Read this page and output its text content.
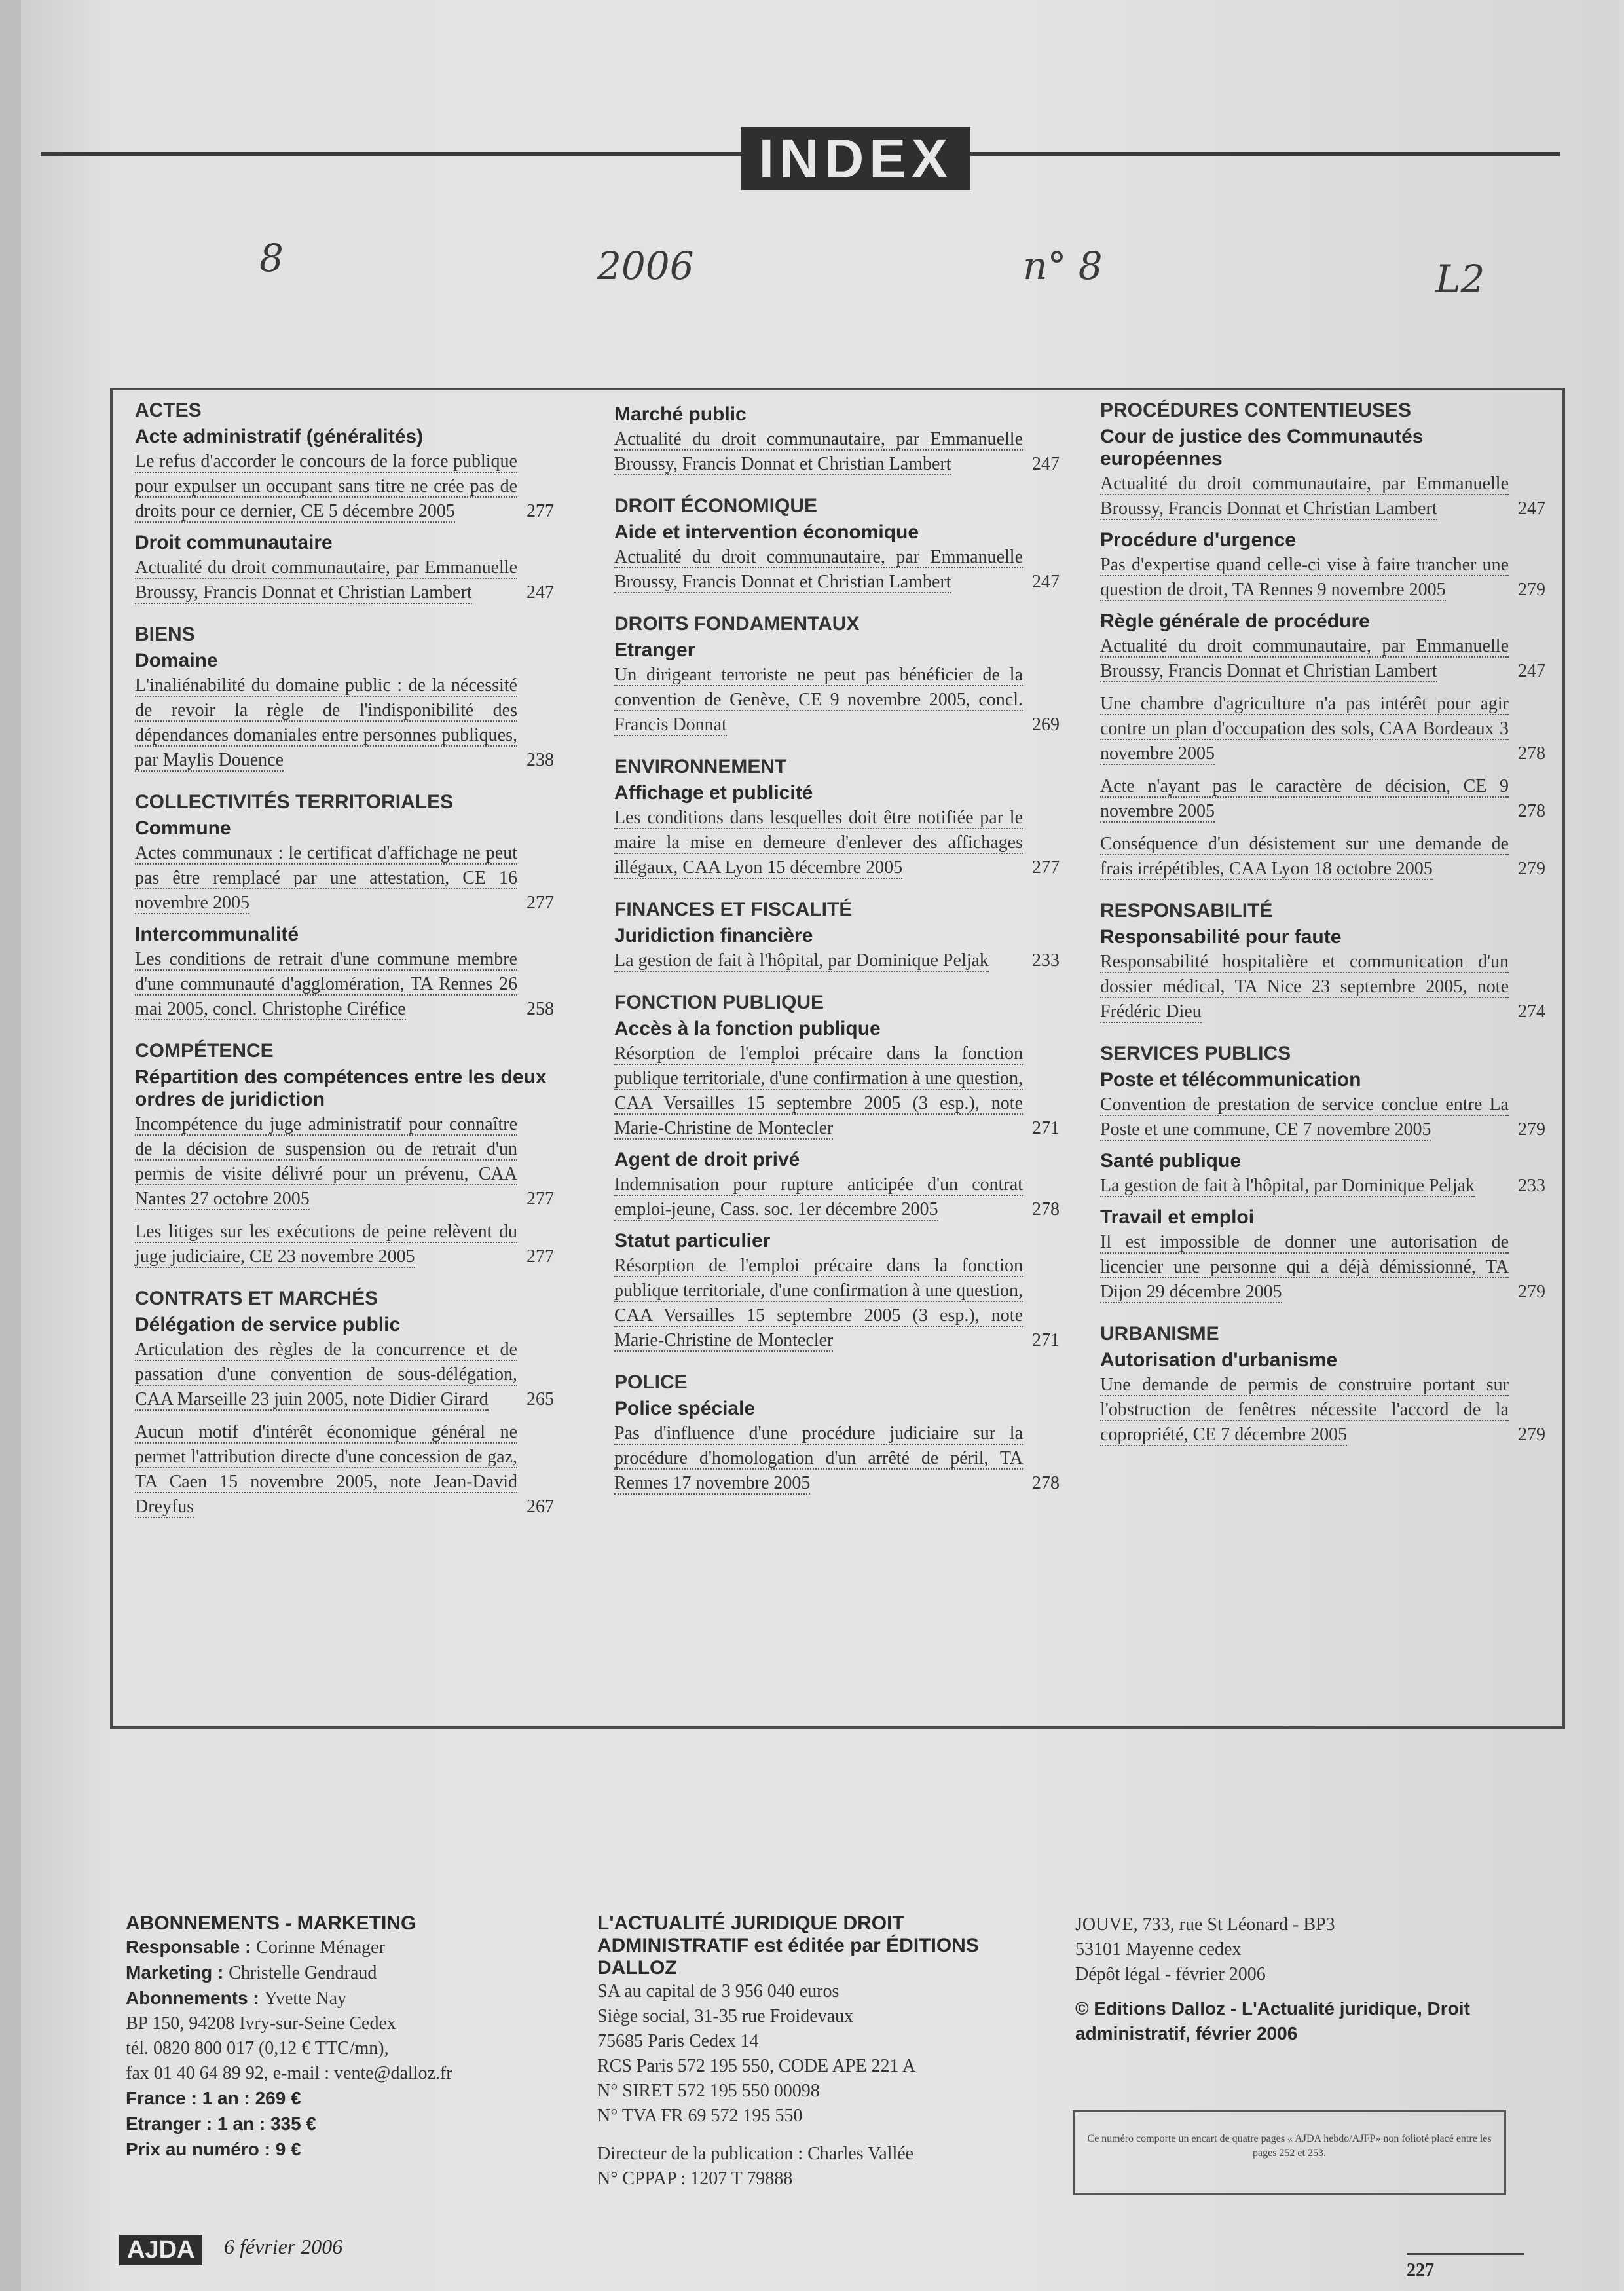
INDEX
8	2006	n° 8	L2
ACTES
Acte administratif (généralités)
Le refus d'accorder le concours de la force publique pour expulser un occupant sans titre ne crée pas de droits pour ce dernier, CE 5 décembre 2005	277
Droit communautaire
Actualité du droit communautaire, par Emmanuelle Broussy, Francis Donnat et Christian Lambert	247
BIENS
Domaine
L'inaliénabilité du domaine public : de la nécessité de revoir la règle de l'indisponibilité des dépendances domaniales entre personnes publiques, par Maylis Douence	238
COLLECTIVITÉS TERRITORIALES
Commune
Actes communaux : le certificat d'affichage ne peut pas être remplacé par une attestation, CE 16 novembre 2005	277
Intercommunalité
Les conditions de retrait d'une commune membre d'une communauté d'agglomération, TA Rennes 26 mai 2005, concl. Christophe Ciréfice	258
COMPÉTENCE
Répartition des compétences entre les deux ordres de juridiction
Incompétence du juge administratif pour connaître de la décision de suspension ou de retrait d'un permis de visite délivré pour un prévenu, CAA Nantes 27 octobre 2005	277
Les litiges sur les exécutions de peine relèvent du juge judiciaire, CE 23 novembre 2005	277
CONTRATS ET MARCHÉS
Délégation de service public
Articulation des règles de la concurrence et de passation d'une convention de sous-délégation, CAA Marseille 23 juin 2005, note Didier Girard 265
Aucun motif d'intérêt économique général ne permet l'attribution directe d'une concession de gaz, TA Caen 15 novembre 2005, note Jean-David Dreyfus	267
Marché public
Actualité du droit communautaire, par Emmanuelle Broussy, Francis Donnat et Christian Lambert	247
DROIT ÉCONOMIQUE
Aide et intervention économique
Actualité du droit communautaire, par Emmanuelle Broussy, Francis Donnat et Christian Lambert	247
DROITS FONDAMENTAUX
Etranger
Un dirigeant terroriste ne peut pas bénéficier de la convention de Genève, CE 9 novembre 2005, concl. Francis Donnat	269
ENVIRONNEMENT
Affichage et publicité
Les conditions dans lesquelles doit être notifiée par le maire la mise en demeure d'enlever des affichages illégaux, CAA Lyon 15 décembre 2005	277
FINANCES ET FISCALITÉ
Juridiction financière
La gestion de fait à l'hôpital, par Dominique Peljak 233
FONCTION PUBLIQUE
Accès à la fonction publique
Résorption de l'emploi précaire dans la fonction publique territoriale, d'une confirmation à une question, CAA Versailles 15 septembre 2005 (3 esp.), note Marie-Christine de Montecler	271
Agent de droit privé
Indemnisation pour rupture anticipée d'un contrat emploi-jeune, Cass. soc. 1er décembre 2005	278
Statut particulier
Résorption de l'emploi précaire dans la fonction publique territoriale, d'une confirmation à une question, CAA Versailles 15 septembre 2005 (3 esp.), note Marie-Christine de Montecler	271
POLICE
Police spéciale
Pas d'influence d'une procédure judiciaire sur la procédure d'homologation d'un arrêté de péril, TA Rennes 17 novembre 2005	278
PROCÉDURES CONTENTIEUSES
Cour de justice des Communautés européennes
Actualité du droit communautaire, par Emmanuelle Broussy, Francis Donnat et Christian Lambert	247
Procédure d'urgence
Pas d'expertise quand celle-ci vise à faire trancher une question de droit, TA Rennes 9 novembre 2005	279
Règle générale de procédure
Actualité du droit communautaire, par Emmanuelle Broussy, Francis Donnat et Christian Lambert	247
Une chambre d'agriculture n'a pas intérêt pour agir contre un plan d'occupation des sols, CAA Bordeaux 3 novembre 2005	278
Acte n'ayant pas le caractère de décision, CE 9 novembre 2005	278
Conséquence d'un désistement sur une demande de frais irrépétibles, CAA Lyon 18 octobre 2005	279
RESPONSABILITÉ
Responsabilité pour faute
Responsabilité hospitalière et communication d'un dossier médical, TA Nice 23 septembre 2005, note Frédéric Dieu	274
SERVICES PUBLICS
Poste et télécommunication
Convention de prestation de service conclue entre La Poste et une commune, CE 7 novembre 2005	279
Santé publique
La gestion de fait à l'hôpital, par Dominique Peljak 233
Travail et emploi
Il est impossible de donner une autorisation de licencier une personne qui a déjà démissionné, TA Dijon 29 décembre 2005	279
URBANISME
Autorisation d'urbanisme
Une demande de permis de construire portant sur l'obstruction de fenêtres nécessite l'accord de la copropriété, CE 7 décembre 2005	279
ABONNEMENTS - MARKETING
Responsable : Corinne Ménager
Marketing : Christelle Gendraud
Abonnements : Yvette Nay
BP 150, 94208 Ivry-sur-Seine Cedex
tél. 0820 800 017 (0,12 € TTC/mn),
fax 01 40 64 89 92, e-mail : vente@dalloz.fr
France : 1 an : 269 €
Etranger : 1 an : 335 €
Prix au numéro : 9 €
L'ACTUALITÉ JURIDIQUE DROIT ADMINISTRATIF est éditée par ÉDITIONS DALLOZ
SA au capital de 3 956 040 euros
Siège social, 31-35 rue Froidevaux
75685 Paris Cedex 14
RCS Paris 572 195 550, CODE APE 221 A
N° SIRET 572 195 550 00098
N° TVA FR 69 572 195 550
Directeur de la publication : Charles Vallée
N° CPPAP : 1207 T 79888
JOUVE, 733, rue St Léonard - BP3
53101 Mayenne cedex
Dépôt légal - février 2006
© Editions Dalloz - L'Actualité juridique, Droit administratif, février 2006
Ce numéro comporte un encart de quatre pages « AJDA hebdo/AJFP» non folioté placé entre les pages 252 et 253.
AJDA	6 février 2006
227
